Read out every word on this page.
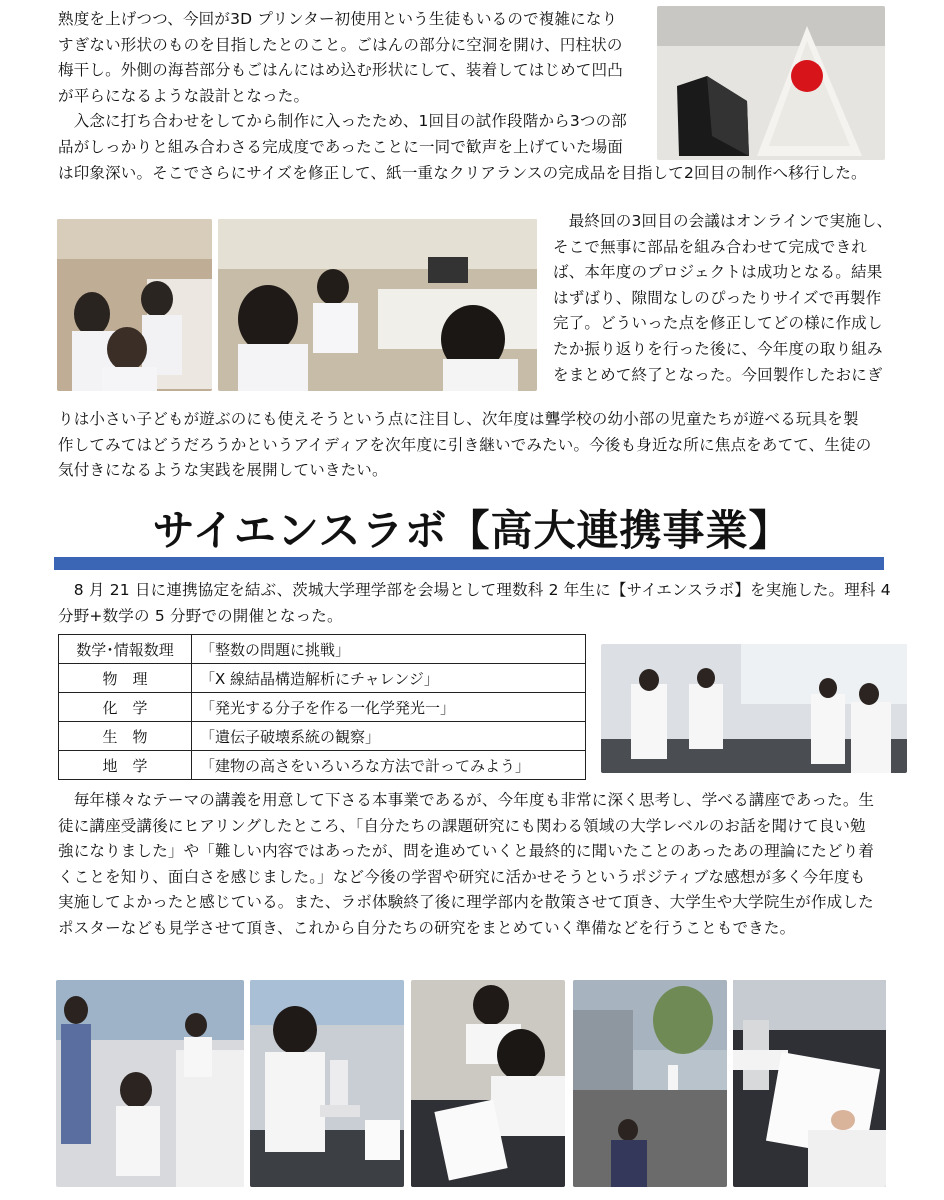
熟度を上げつつ、今回が3D プリンター初使用という生徒もいるので複雑になり

すぎない形状のものを目指したとのこと。ごはんの部分に空洞を開け、円柱状の

梅干し。外側の海苔部分もごはんにはめ込む形状にして、装着してはじめて凹凸

が平らになるような設計となった。

　入念に打ち合わせをしてから制作に入ったため、1回目の試作段階から3つの部

品がしっかりと組み合わさる完成度であったことに一同で歓声を上げていた場面

は印象深い。そこでさらにサイズを修正して、紙一重なクリアランスの完成品を目指して2回目の制作へ移行した。

　最終回の3回目の会議はオンラインで実施し、

そこで無事に部品を組み合わせて完成できれ

ば、本年度のプロジェクトは成功となる。結果

はずばり、隙間なしのぴったりサイズで再製作

完了。どういった点を修正してどの様に作成し

たか振り返りを行った後に、今年度の取り組み

をまとめて終了となった。今回製作したおにぎ

りは小さい子どもが遊ぶのにも使えそうという点に注目し、次年度は聾学校の幼小部の児童たちが遊べる玩具を製

作してみてはどうだろうかというアイディアを次年度に引き継いでみたい。今後も身近な所に焦点をあてて、生徒の

気付きになるような実践を展開していきたい。

サイエンスラボ【高大連携事業】

　8 月 21 日に連携協定を結ぶ、茨城大学理学部を会場として理数科 2 年生に【サイエンスラボ】を実施した。理科 4

分野+数学の 5 分野での開催となった。

数学･情報数理	「整数の問題に挑戦」
物　理	「X 線結晶構造解析にチャレンジ」
化　学	「発光する分子を作る一化学発光一」
生　物	「遺伝子破壊系統の観察」
地　学	「建物の高さをいろいろな方法で計ってみよう」

　毎年様々なテーマの講義を用意して下さる本事業であるが、今年度も非常に深く思考し、学べる講座であった。生

徒に講座受講後にヒアリングしたところ、「自分たちの課題研究にも関わる領域の大学レベルのお話を聞けて良い勉

強になりました」や「難しい内容ではあったが、問を進めていくと最終的に聞いたことのあったあの理論にたどり着

くことを知り、面白さを感じました。」など今後の学習や研究に活かせそうというポジティブな感想が多く今年度も

実施してよかったと感じている。また、ラボ体験終了後に理学部内を散策させて頂き、大学生や大学院生が作成した

ポスターなども見学させて頂き、これから自分たちの研究をまとめていく準備などを行うこともできた。
